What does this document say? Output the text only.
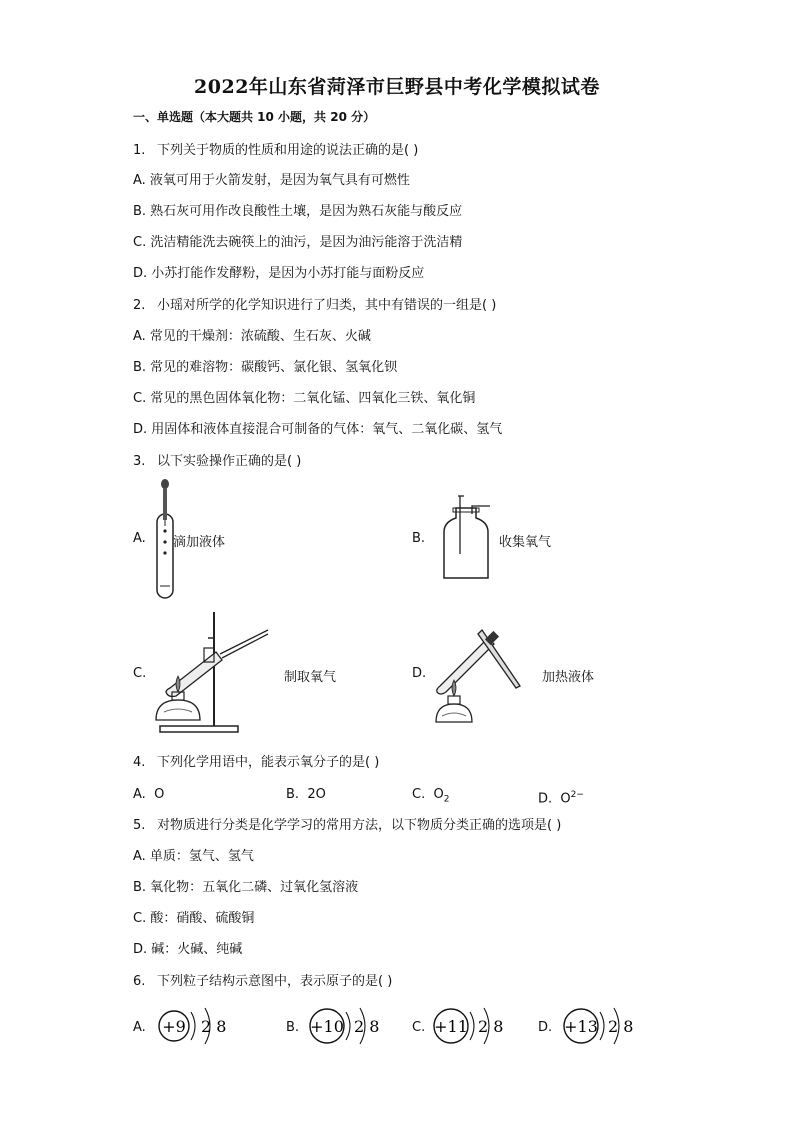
2022年山东省菏泽市巨野县中考化学模拟试卷
一、单选题（本大题共 10 小题，共 20 分）
1. 下列关于物质的性质和用途的说法正确的是( )
A. 液氧可用于火箭发射，是因为氧气具有可燃性
B. 熟石灰可用作改良酸性土壤，是因为熟石灰能与酸反应
C. 洗洁精能洗去碗筷上的油污，是因为油污能溶于洗洁精
D. 小苏打能作发酵粉，是因为小苏打能与面粉反应
2. 小瑶对所学的化学知识进行了归类，其中有错误的一组是( )
A. 常见的干燥剂：浓硫酸、生石灰、火碱
B. 常见的难溶物：碳酸钙、氯化银、氢氧化钡
C. 常见的黑色固体氧化物：二氧化锰、四氧化三铁、氧化铜
D. 用固体和液体直接混合可制备的气体：氧气、二氧化碳、氢气
3. 以下实验操作正确的是( )
A. 滴加液体	B.	收集氧气
C.	制取氧气	D.	加热液体
4. 下列化学用语中，能表示氧分子的是( )
A. O	B. 2O	C. $O_2$	D. $O^{2-}$
5. 对物质进行分类是化学学习的常用方法，以下物质分类正确的选项是( )
A. 单质：氢气、氢气
B. 氧化物：五氧化二磷、过氧化氢溶液
C. 酸：硝酸、硫酸铜
D. 碱：火碱、纯碱
6. 下列粒子结构示意图中，表示原子的是( )
A. +9 2 8	B. +10 2 8	C. +11 2 8	D. +13 2 8
